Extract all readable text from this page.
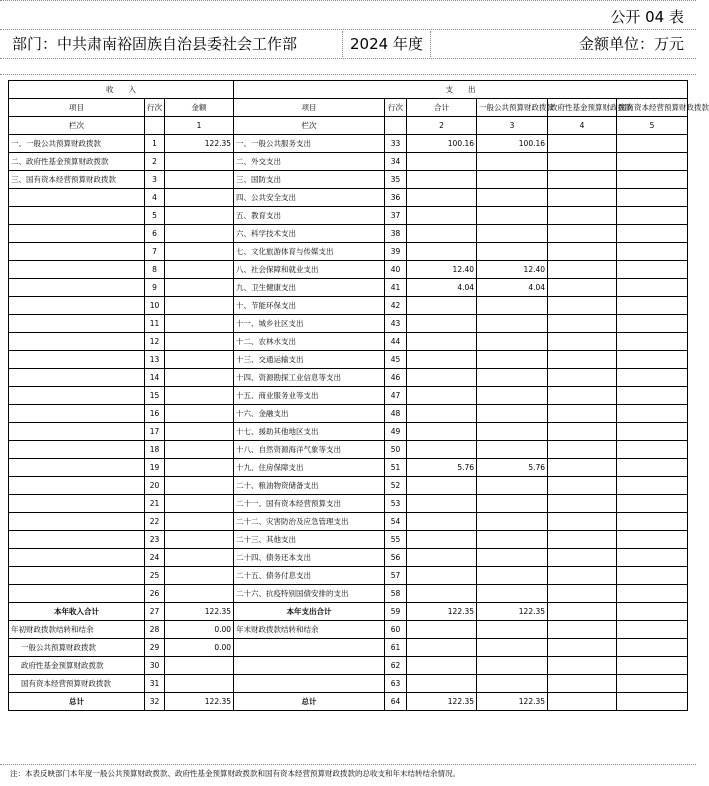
公开 04 表
部门：中共肃南裕固族自治县委社会工作部	2024 年度	金额单位：万元
收　　入			支　　出					
项目	行次	金额	项目	行次	合计	一般公共预算财政拨款	政府性基金预算财政拨款	国有资本经营预算财政拨款
栏次		1	栏次		2	3	4	5
一、一般公共预算财政拨款	1	122.35	一、一般公共服务支出	33	100.16	100.16		
二、政府性基金预算财政拨款	2		二、外交支出	34				
三、国有资本经营预算财政拨款	3		三、国防支出	35				
	4		四、公共安全支出	36				
	5		五、教育支出	37				
	6		六、科学技术支出	38				
	7		七、文化旅游体育与传媒支出	39				
	8		八、社会保障和就业支出	40	12.40	12.40		
	9		九、卫生健康支出	41	4.04	4.04		
	10		十、节能环保支出	42				
	11		十一、城乡社区支出	43				
	12		十二、农林水支出	44				
	13		十三、交通运输支出	45				
	14		十四、资源勘探工业信息等支出	46				
	15		十五、商业服务业等支出	47				
	16		十六、金融支出	48				
	17		十七、援助其他地区支出	49				
	18		十八、自然资源海洋气象等支出	50				
	19		十九、住房保障支出	51	5.76	5.76		
	20		二十、粮油物资储备支出	52				
	21		二十一、国有资本经营预算支出	53				
	22		二十二、灾害防治及应急管理支出	54				
	23		二十三、其他支出	55				
	24		二十四、债务还本支出	56				
	25		二十五、债务付息支出	57				
	26		二十六、抗疫特别国债安排的支出	58				
本年收入合计	27	122.35	本年支出合计	59	122.35	122.35		
年初财政拨款结转和结余	28	0.00	年末财政拨款结转和结余	60				
一般公共预算财政拨款	29	0.00		61				
政府性基金预算财政拨款	30			62				
国有资本经营预算财政拨款	31			63				
总计	32	122.35	总计	64	122.35	122.35		
注：本表反映部门本年度一般公共预算财政拨款、政府性基金预算财政拨款和国有资本经营预算财政拨款的总收支和年末结转结余情况。
